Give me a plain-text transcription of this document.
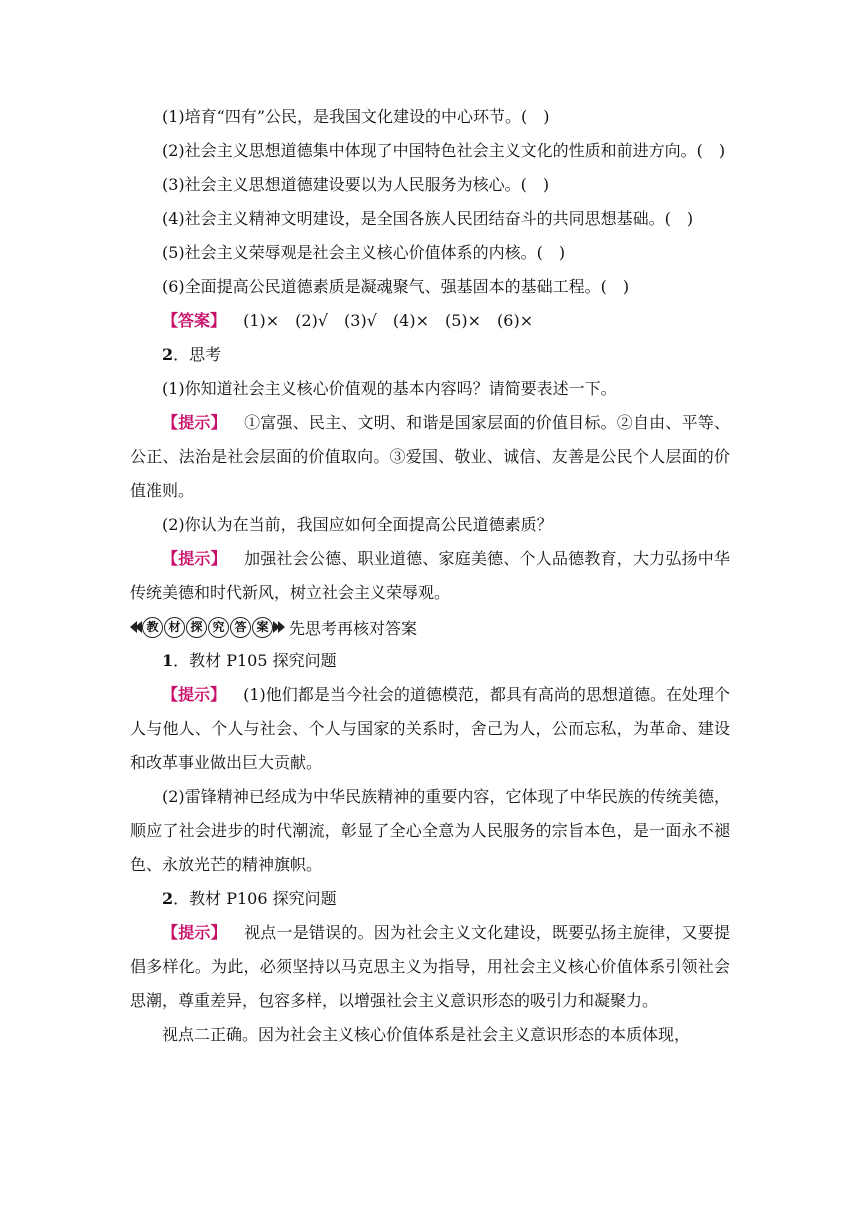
(1)培育“四有”公民，是我国文化建设的中心环节。(　)

(2)社会主义思想道德集中体现了中国特色社会主义文化的性质和前进方向。(　)

(3)社会主义思想道德建设要以为人民服务为核心。(　)

(4)社会主义精神文明建设，是全国各族人民团结奋斗的共同思想基础。(　)

(5)社会主义荣辱观是社会主义核心价值体系的内核。(　)

(6)全面提高公民道德素质是凝魂聚气、强基固本的基础工程。(　)

【答案】 (1)×　(2)√　(3)√　(4)×　(5)×　(6)×

2．思考

(1)你知道社会主义核心价值观的基本内容吗？请简要表述一下。

【提示】 ①富强、民主、文明、和谐是国家层面的价值目标。②自由、平等、公正、法治是社会层面的价值取向。③爱国、敬业、诚信、友善是公民个人层面的价值准则。

(2)你认为在当前，我国应如何全面提高公民道德素质？

【提示】 加强社会公德、职业道德、家庭美德、个人品德教育，大力弘扬中华传统美德和时代新风，树立社会主义荣辱观。

教 材 探 究 答 案 先思考再核对答案

1．教材 P105 探究问题

【提示】 (1)他们都是当今社会的道德模范，都具有高尚的思想道德。在处理个人与他人、个人与社会、个人与国家的关系时，舍己为人，公而忘私，为革命、建设和改革事业做出巨大贡献。

(2)雷锋精神已经成为中华民族精神的重要内容，它体现了中华民族的传统美德，顺应了社会进步的时代潮流，彰显了全心全意为人民服务的宗旨本色，是一面永不褪色、永放光芒的精神旗帜。

2．教材 P106 探究问题

【提示】 视点一是错误的。因为社会主义文化建设，既要弘扬主旋律，又要提倡多样化。为此，必须坚持以马克思主义为指导，用社会主义核心价值体系引领社会思潮，尊重差异，包容多样，以增强社会主义意识形态的吸引力和凝聚力。

视点二正确。因为社会主义核心价值体系是社会主义意识形态的本质体现，
